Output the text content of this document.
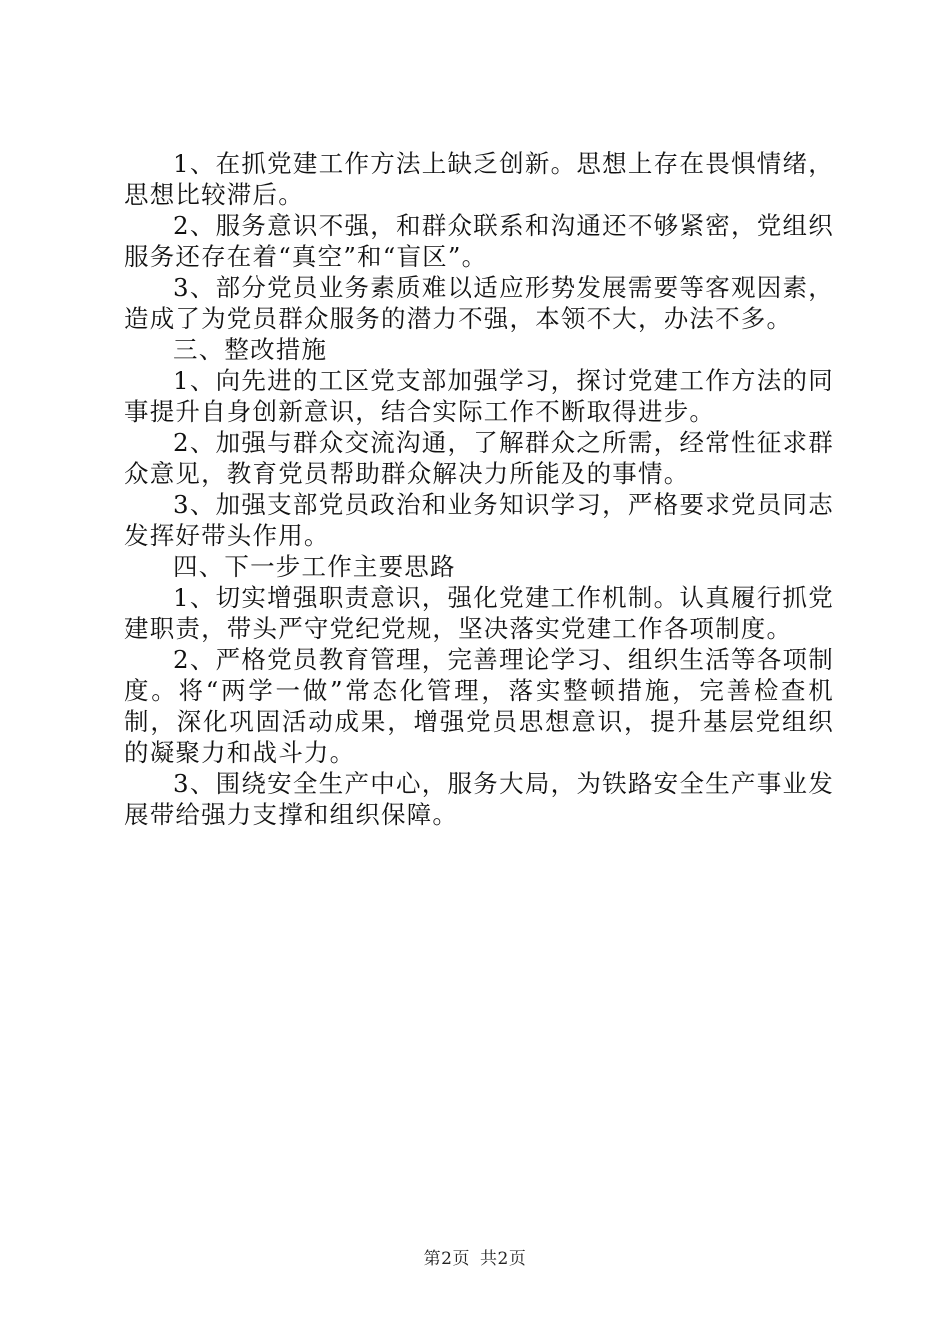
1、在抓党建工作方法上缺乏创新。思想上存在畏惧情绪，思想比较滞后。

2、服务意识不强，和群众联系和沟通还不够紧密，党组织服务还存在着“真空”和“盲区”。

3、部分党员业务素质难以适应形势发展需要等客观因素，造成了为党员群众服务的潜力不强，本领不大，办法不多。

三、整改措施

1、向先进的工区党支部加强学习，探讨党建工作方法的同事提升自身创新意识，结合实际工作不断取得进步。

2、加强与群众交流沟通，了解群众之所需，经常性征求群众意见，教育党员帮助群众解决力所能及的事情。

3、加强支部党员政治和业务知识学习，严格要求党员同志发挥好带头作用。

四、下一步工作主要思路

1、切实增强职责意识，强化党建工作机制。认真履行抓党建职责，带头严守党纪党规，坚决落实党建工作各项制度。

2、严格党员教育管理，完善理论学习、组织生活等各项制度。将“两学一做”常态化管理，落实整顿措施，完善检查机制，深化巩固活动成果，增强党员思想意识，提升基层党组织的凝聚力和战斗力。

3、围绕安全生产中心，服务大局，为铁路安全生产事业发展带给强力支撑和组织保障。

第2页 共2页
